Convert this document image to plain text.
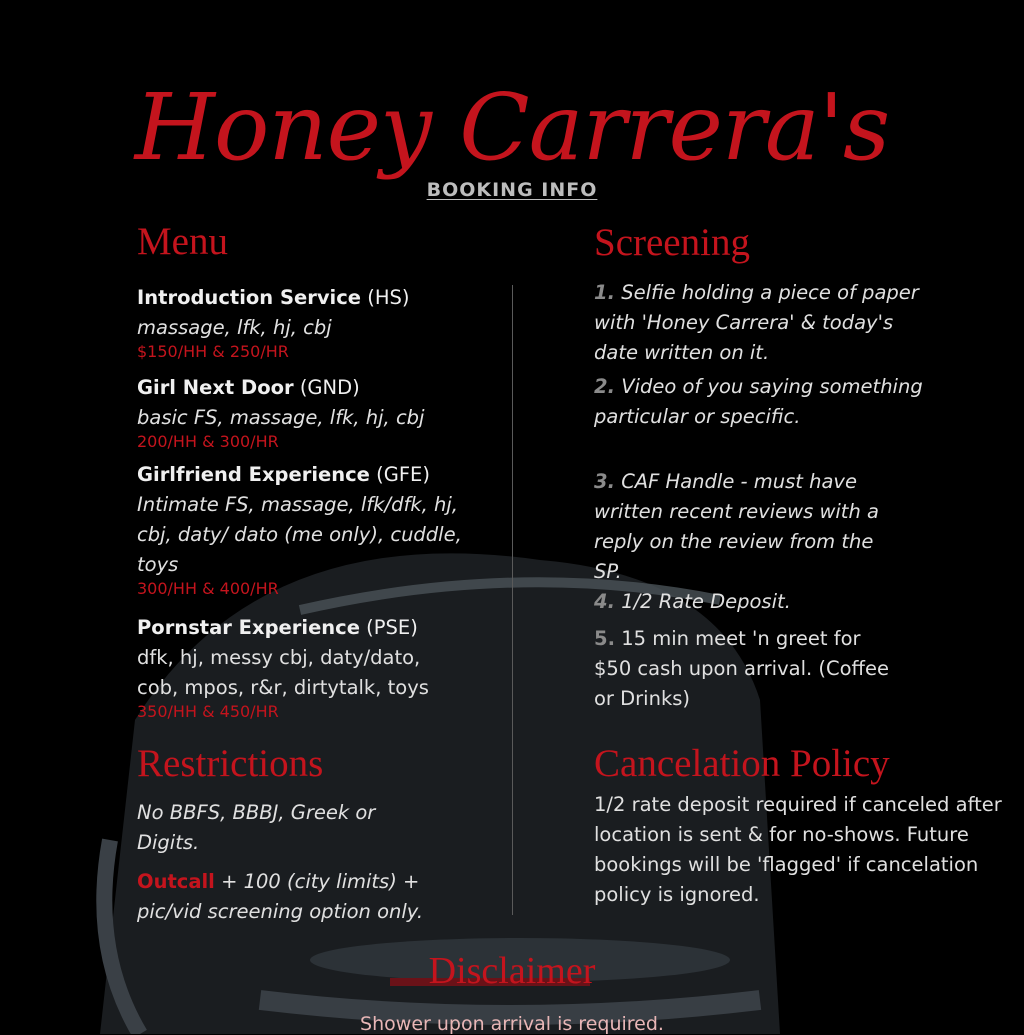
Honey Carrera's
BOOKING INFO
Menu
Introduction Service (HS)
massage, lfk, hj, cbj
$150/HH & 250/HR
Girl Next Door (GND)
basic FS, massage, lfk, hj, cbj
200/HH & 300/HR
Girlfriend Experience (GFE)
Intimate FS, massage, lfk/dfk, hj, cbj, daty/ dato (me only), cuddle, toys
300/HH & 400/HR
Pornstar Experience (PSE)
dfk, hj, messy cbj, daty/dato, cob, mpos, r&r, dirtytalk, toys
350/HH & 450/HR
Screening
1. Selfie holding a piece of paper with 'Honey Carrera' & today's date written on it.
2. Video of you saying something particular or specific.
3. CAF Handle - must have written recent reviews with a reply on the review from the SP.
4. 1/2 Rate Deposit.
5. 15 min meet 'n greet for $50 cash upon arrival. (Coffee or Drinks)
Restrictions
No BBFS, BBBJ, Greek or Digits.
Outcall + 100 (city limits) + pic/vid screening option only.
Cancelation Policy
1/2 rate deposit required if canceled after location is sent & for no-shows. Future bookings will be 'flagged' if cancelation policy is ignored.
Disclaimer
Shower upon arrival is required.
